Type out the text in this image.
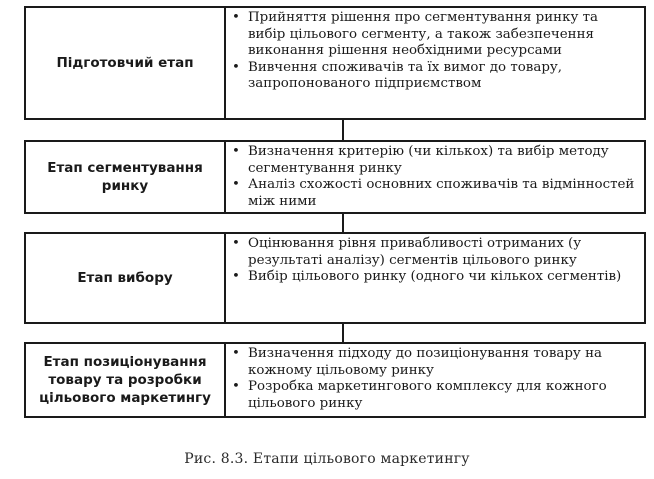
Підготовчий етап
• Прийняття рішення про сегментування ринку та вибір цільового сегменту, а також забезпечення виконання рішення необхідними ресурсами
• Вивчення споживачів та їх вимог до товару, запропонованого підприємством
Етап сегментування ринку
• Визначення критерію (чи кількох) та вибір методу сегментування ринку
• Аналіз схожості основних споживачів та відмінностей між ними
Етап вибору
• Оцінювання рівня привабливості отриманих (у результаті аналізу) сегментів цільового ринку
• Вибір цільового ринку (одного чи кількох сегментів)
Етап позиціонування товару та розробки цільового маркетингу
• Визначення підходу до позиціонування товару на кожному цільовому ринку
• Розробка маркетингового комплексу для кожного цільового ринку
Рис. 8.3. Етапи цільового маркетингу
